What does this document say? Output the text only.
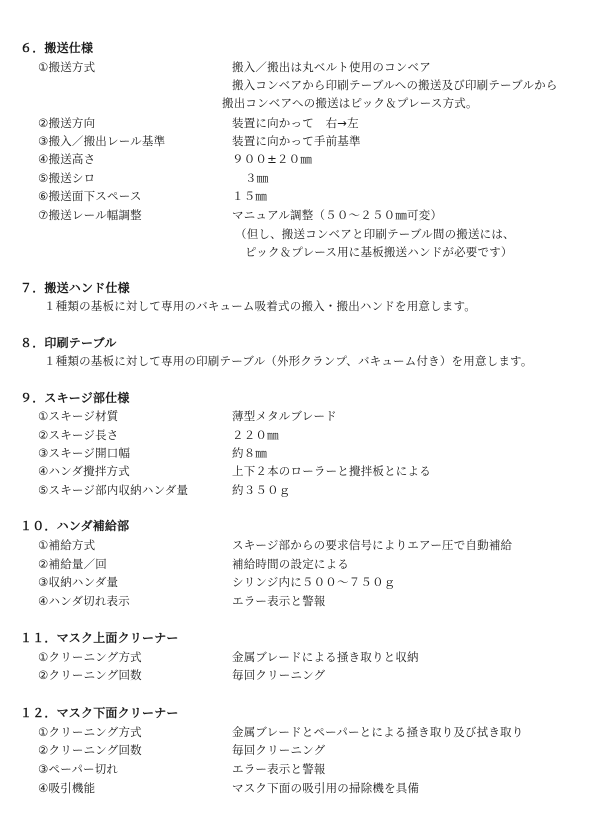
６．搬送仕様
①搬送方式	搬入／搬出は丸ベルト使用のコンベア
搬入コンベアから印刷テーブルへの搬送及び印刷テーブルから
搬出コンベアへの搬送はピック＆プレース方式。
②搬送方向	装置に向かって　右→左
③搬入／搬出レール基準	装置に向かって手前基準
④搬送高さ	９００±２０㎜
⑤搬送シロ	３㎜
⑥搬送面下スペース	１５㎜
⑦搬送レール幅調整	マニュアル調整（５０～２５０㎜可変）
（但し、搬送コンベアと印刷テーブル間の搬送には、
ピック＆プレース用に基板搬送ハンドが必要です）
７．搬送ハンド仕様
１種類の基板に対して専用のバキューム吸着式の搬入・搬出ハンドを用意します。
８．印刷テーブル
１種類の基板に対して専用の印刷テーブル（外形クランプ、バキューム付き）を用意します。
９．スキージ部仕様
①スキージ材質	薄型メタルブレード
②スキージ長さ	２２０㎜
③スキージ開口幅	約８㎜
④ハンダ攪拌方式	上下２本のローラーと攪拌板とによる
⑤スキージ部内収納ハンダ量	約３５０ｇ
１０．ハンダ補給部
①補給方式	スキージ部からの要求信号によりエアー圧で自動補給
②補給量／回	補給時間の設定による
③収納ハンダ量	シリンジ内に５００～７５０ｇ
④ハンダ切れ表示	エラー表示と警報
１１．マスク上面クリーナー
①クリーニング方式	金属ブレードによる掻き取りと収納
②クリーニング回数	毎回クリーニング
１２．マスク下面クリーナー
①クリーニング方式	金属ブレードとペーパーとによる掻き取り及び拭き取り
②クリーニング回数	毎回クリーニング
③ペーパー切れ	エラー表示と警報
④吸引機能	マスク下面の吸引用の掃除機を具備
